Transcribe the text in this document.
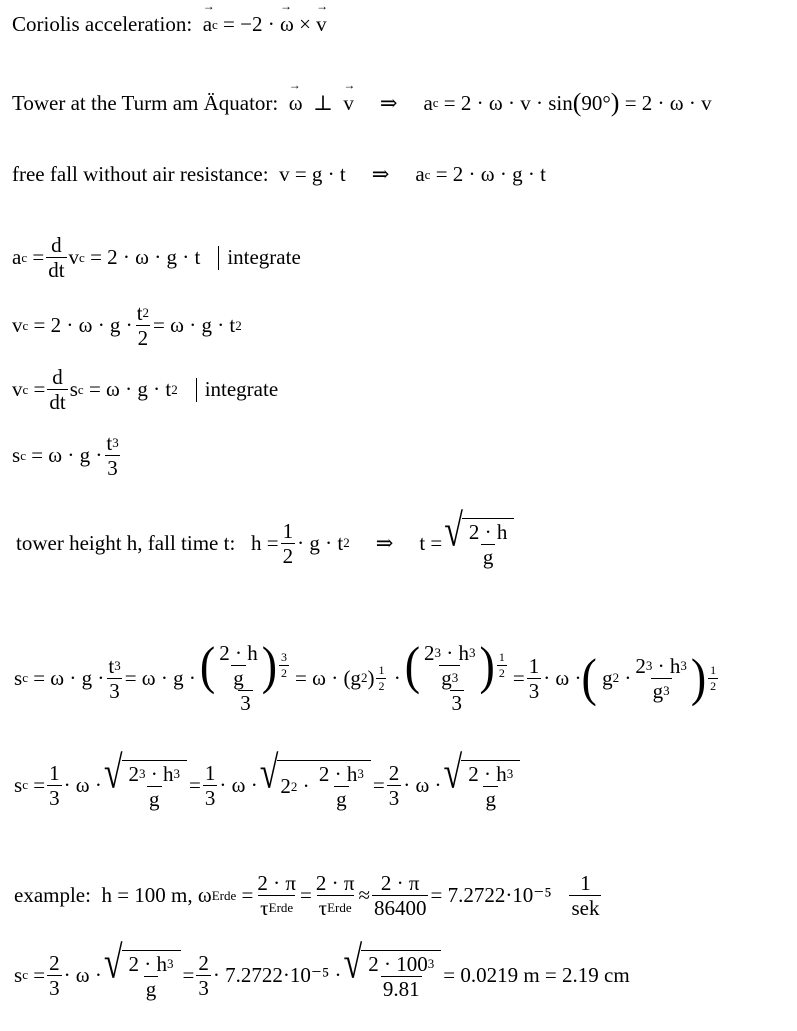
Coriolis acceleration: → a c = −2 · → ω × → v
Tower at the Turm am Äquator: → ω ⊥ → v ⇒ a c = 2 · ω · v · sin ( 90° ) = 2 · ω · v
free fall without air resistance: v = g · t ⇒ a c = 2 · ω · g · t
a $c = \frac{d}{dt}$ v c = 2 · ω · g · t integrate
v $c = 2 \cdot \omega \cdot g \cdot \frac{t 2}{2} = \omega \cdot g \cdot t$ 2
v $c = \frac{d}{dt}$ s c = ω · g · t 2 integrate
s $c = \omega \cdot g \cdot \frac{t 3}{3}$
tower height h, fall time t: $h = \frac{1}{2} \cdot g \cdot t$ 2 ⇒
t = √ $\frac{2 \cdot h}{g}$
s $c = \omega \cdot g \cdot \frac{t 3}{3} = \omega \cdot g \cdot \frac{( \frac{2 \cdot h}{g} ) \frac{3}{2}}{3} = \omega \cdot (g$ 2 ) $\frac{1}{2} \cdot \frac{( \frac{2 3 \cdot h 3}{g 3} ) \frac{1}{2}}{3} = \frac{1}{3} \cdot \omega$ · ( g $2 \cdot \frac{2 3 \cdot h 3}{g 3}$ ) $\frac{1}{2}$
s $c = \frac{1}{3} \cdot \omega$ · √ $\frac{2 3 \cdot h 3}{g} = \frac{1}{3} \cdot \omega$ · √ 2 $2 \cdot \frac{2 \cdot h 3}{g} = \frac{2}{3} \cdot \omega$ · √ $\frac{2 \cdot h 3}{g}$
example: h = 100 m , ω Erde = $\frac{2 \cdot \pi}{\text{τ Erde}} = \frac{2 \cdot \pi}{\text{τ Erde}} \approx \frac{2 \cdot \pi}{86400} = 7.2722\cdot 10^{-5}$
$\frac{1}{\text{sek}}$
s $c = \frac{2}{3} \cdot \omega$ · √ $\frac{2 \cdot h 3}{g} = \frac{2}{3} \cdot 7.2722\cdot 10^{-5}$ · √ $\frac{2 \cdot 100 3}{9.81} = 0.0219$ m = 2.19 cm
